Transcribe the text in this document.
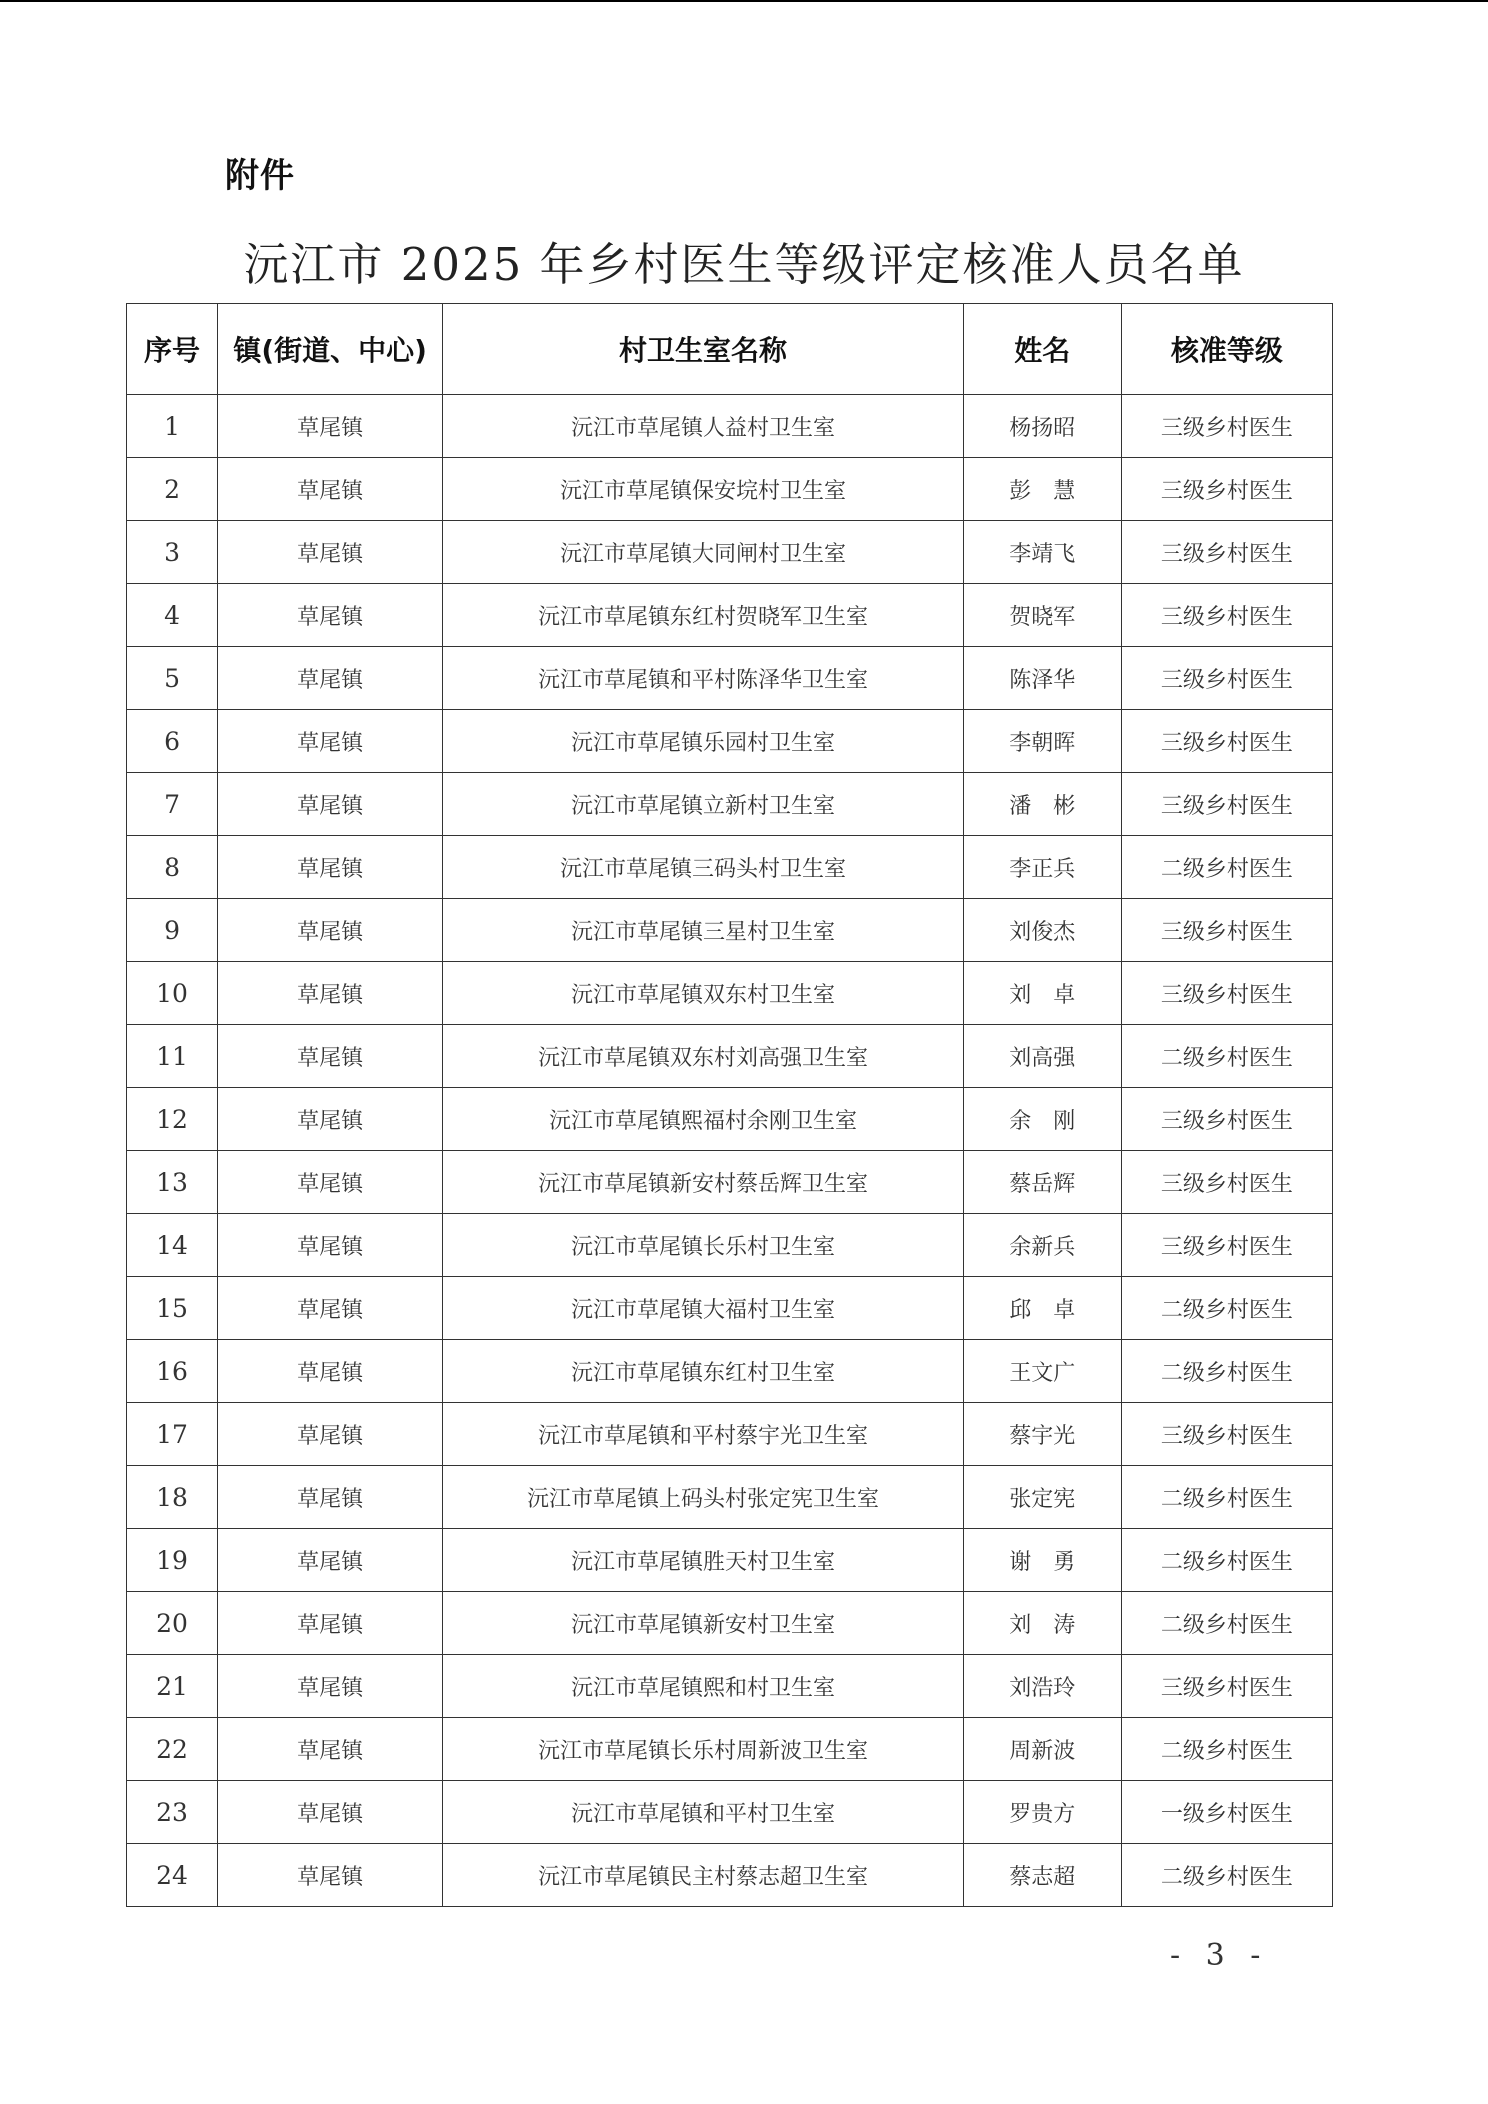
附件
沅江市 2025 年乡村医生等级评定核准人员名单
序号	镇(街道、中心)	村卫生室名称	姓名	核准等级
1	草尾镇	沅江市草尾镇人益村卫生室	杨扬昭	三级乡村医生
2	草尾镇	沅江市草尾镇保安垸村卫生室	彭　慧	三级乡村医生
3	草尾镇	沅江市草尾镇大同闸村卫生室	李靖飞	三级乡村医生
4	草尾镇	沅江市草尾镇东红村贺晓军卫生室	贺晓军	三级乡村医生
5	草尾镇	沅江市草尾镇和平村陈泽华卫生室	陈泽华	三级乡村医生
6	草尾镇	沅江市草尾镇乐园村卫生室	李朝晖	三级乡村医生
7	草尾镇	沅江市草尾镇立新村卫生室	潘　彬	三级乡村医生
8	草尾镇	沅江市草尾镇三码头村卫生室	李正兵	二级乡村医生
9	草尾镇	沅江市草尾镇三星村卫生室	刘俊杰	三级乡村医生
10	草尾镇	沅江市草尾镇双东村卫生室	刘　卓	三级乡村医生
11	草尾镇	沅江市草尾镇双东村刘高强卫生室	刘高强	二级乡村医生
12	草尾镇	沅江市草尾镇熙福村余刚卫生室	余　刚	三级乡村医生
13	草尾镇	沅江市草尾镇新安村蔡岳辉卫生室	蔡岳辉	三级乡村医生
14	草尾镇	沅江市草尾镇长乐村卫生室	余新兵	三级乡村医生
15	草尾镇	沅江市草尾镇大福村卫生室	邱　卓	二级乡村医生
16	草尾镇	沅江市草尾镇东红村卫生室	王文广	二级乡村医生
17	草尾镇	沅江市草尾镇和平村蔡宇光卫生室	蔡宇光	三级乡村医生
18	草尾镇	沅江市草尾镇上码头村张定宪卫生室	张定宪	二级乡村医生
19	草尾镇	沅江市草尾镇胜天村卫生室	谢　勇	二级乡村医生
20	草尾镇	沅江市草尾镇新安村卫生室	刘　涛	二级乡村医生
21	草尾镇	沅江市草尾镇熙和村卫生室	刘浩玲	三级乡村医生
22	草尾镇	沅江市草尾镇长乐村周新波卫生室	周新波	二级乡村医生
23	草尾镇	沅江市草尾镇和平村卫生室	罗贵方	一级乡村医生
24	草尾镇	沅江市草尾镇民主村蔡志超卫生室	蔡志超	二级乡村医生
- 3 -
